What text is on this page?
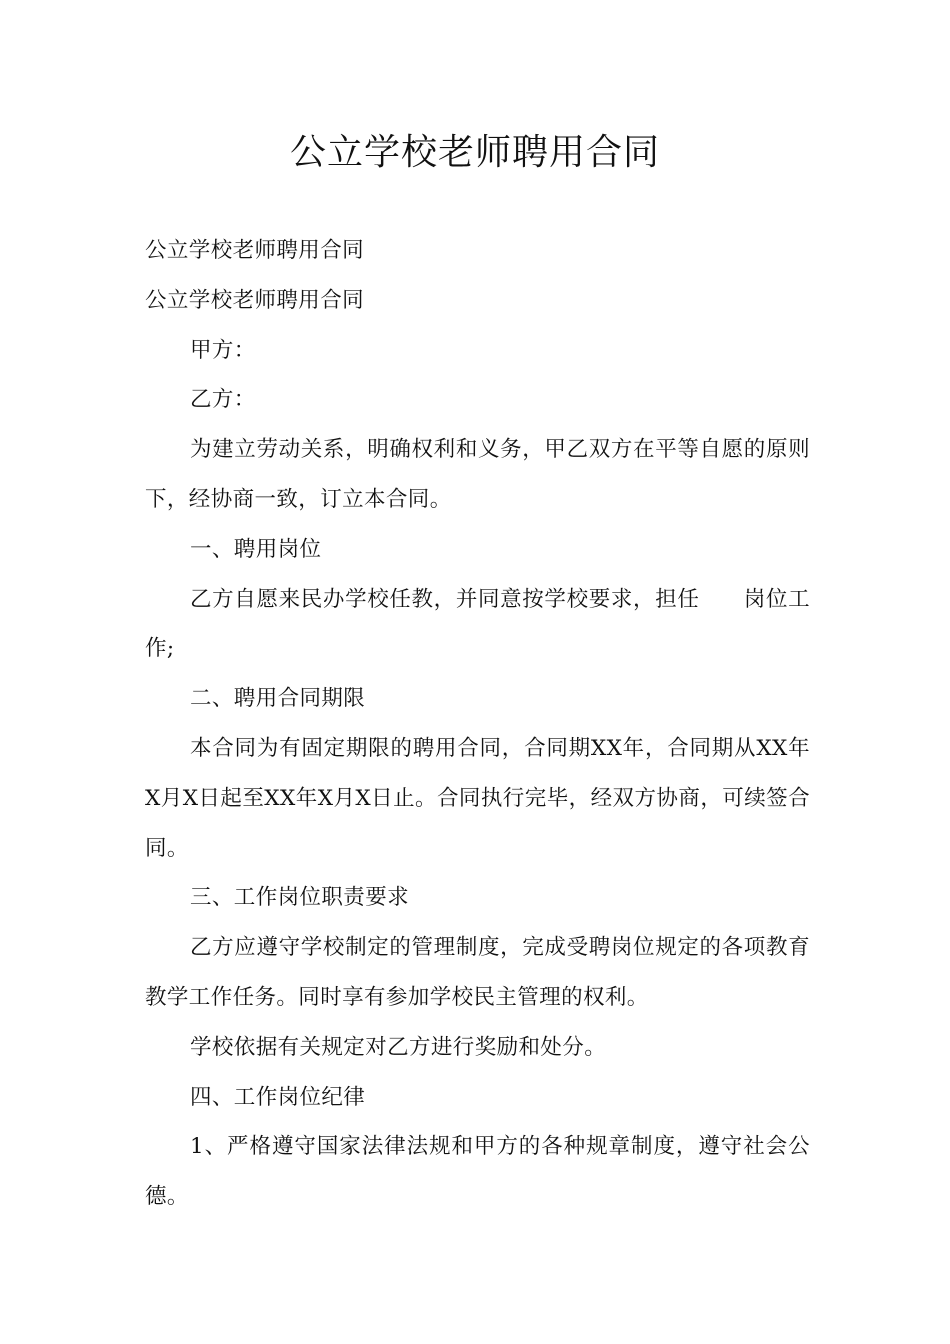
公立学校老师聘用合同

公立学校老师聘用合同

公立学校老师聘用合同

甲方：

乙方：

为建立劳动关系，明确权利和义务，甲乙双方在平等自愿的原则下，经协商一致，订立本合同。

一、聘用岗位

乙方自愿来民办学校任教，并同意按学校要求，担任　　岗位工作;

二、聘用合同期限

本合同为有固定期限的聘用合同，合同期XX年，合同期从XX年X月X日起至XX年X月X日止。合同执行完毕，经双方协商，可续签合同。

三、工作岗位职责要求

乙方应遵守学校制定的管理制度，完成受聘岗位规定的各项教育教学工作任务。同时享有参加学校民主管理的权利。

学校依据有关规定对乙方进行奖励和处分。

四、工作岗位纪律

1、严格遵守国家法律法规和甲方的各种规章制度，遵守社会公德。
